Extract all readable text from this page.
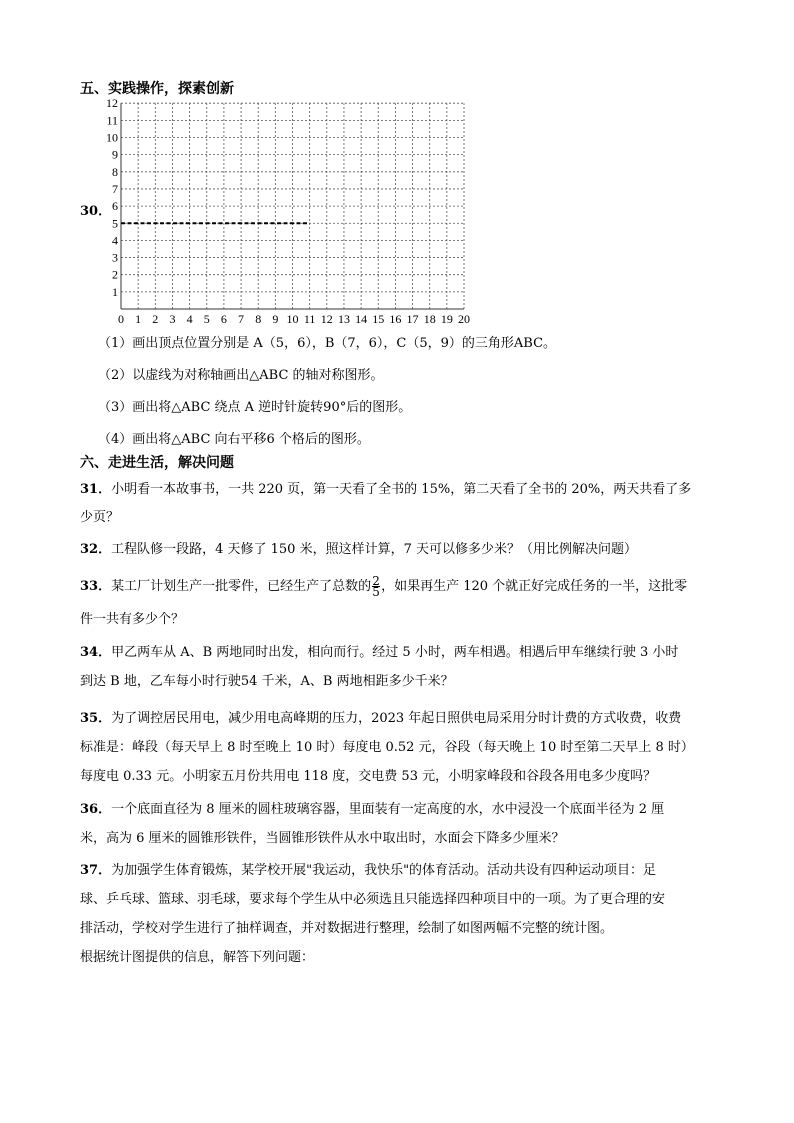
五、实践操作，探素创新
30．
0 1 2 3 4 5 6 7 8 9 10 11 12 13 14 15 16 17 18 19 20
1
2
3
4
5
6
7
8
9
10
11
12
（1）画出顶点位置分别是 A（5，6），B（7，6），C（5，9）的三角形ABC。
（2）以虚线为对称轴画出△ABC 的轴对称图形。
（3）画出将△ABC 绕点 A 逆时针旋转90°后的图形。
（4）画出将△ABC 向右平移6 个格后的图形。
六、走进生活，解决问题
31．小明看一本故事书，一共 220 页，第一天看了全书的 15%，第二天看了全书的 20%，两天共看了多
少页？
32．工程队修一段路，4 天修了 150 米，照这样计算，7 天可以修多少米？（用比例解决问题）
33．某工厂计划生产一批零件，已经生产了总数的 $\frac{2}{5}$ ，如果再生产 120 个就正好完成任务的一半，这批零
件一共有多少个？
34．甲乙两车从 A、B 两地同时出发，相向而行。经过 5 小时，两车相遇。相遇后甲车继续行驶 3 小时
到达 B 地，乙车每小时行驶54 千米，A、B 两地相距多少千米？
35．为了调控居民用电，减少用电高峰期的压力，2023 年起日照供电局采用分时计费的方式收费，收费
标准是：峰段（每天早上 8 时至晚上 10 时）每度电 0.52 元，谷段（每天晚上 10 时至第二天早上 8 时）
每度电 0.33 元。小明家五月份共用电 118 度，交电费 53 元，小明家峰段和谷段各用电多少度吗？
36．一个底面直径为 8 厘米的圆柱玻璃容器，里面装有一定高度的水，水中浸没一个底面半径为 2 厘
米，高为 6 厘米的圆锥形铁件，当圆锥形铁件从水中取出时，水面会下降多少厘米？
37．为加强学生体育锻炼，某学校开展"我运动，我快乐"的体育活动。活动共设有四种运动项目：足
球、乒乓球、篮球、羽毛球，要求每个学生从中必须选且只能选择四种项目中的一项。为了更合理的安
排活动，学校对学生进行了抽样调查，并对数据进行整理，绘制了如图两幅不完整的统计图。
根据统计图提供的信息，解答下列问题：
